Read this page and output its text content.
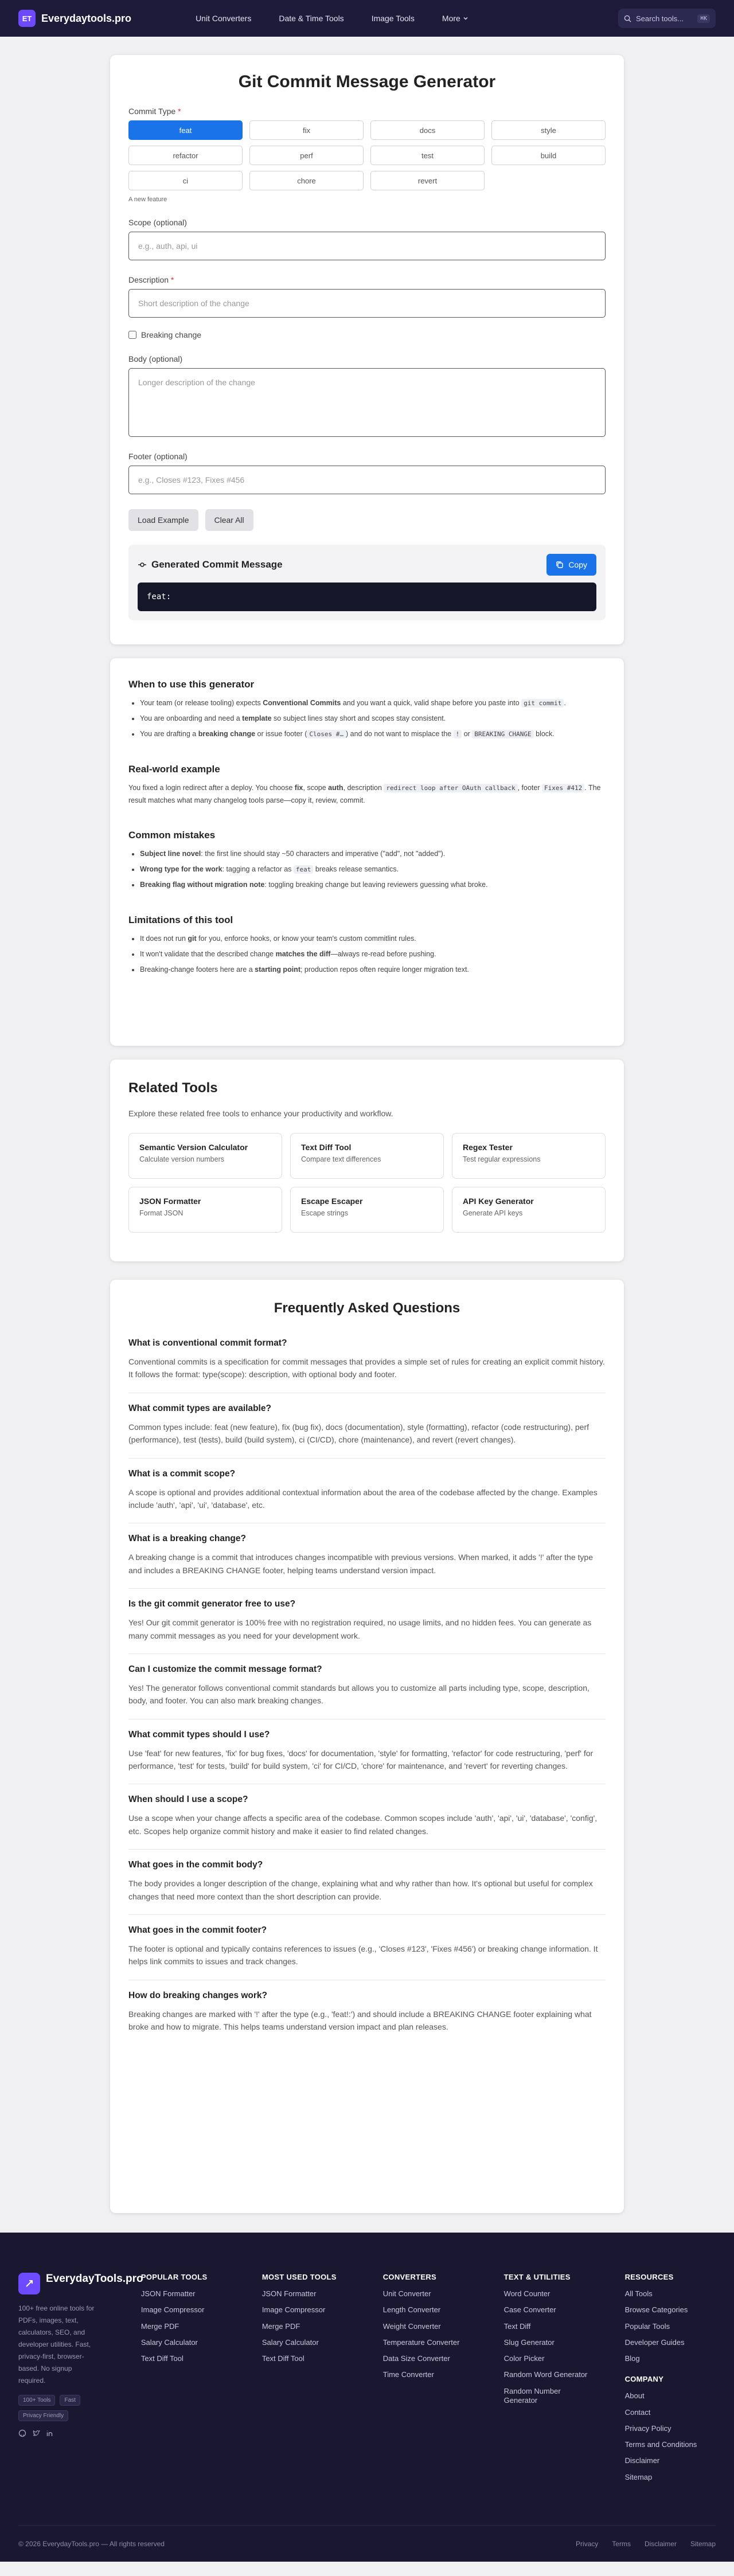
ET Everydaytools.pro	Unit Converters	Date & Time Tools	Image Tools	More	Search tools...	⌘K
Git Commit Message Generator
Commit Type *
feat	fix	docs	style
refactor	perf	test	build
ci	chore	revert
A new feature
Scope (optional)
e.g., auth, api, ui
Description *
Short description of the change
Breaking change
Body (optional)
Longer description of the change
Footer (optional)
e.g., Closes #123, Fixes #456
Load Example	Clear All
Generated Commit Message	Copy
feat:
When to use this generator
• Your team (or release tooling) expects Conventional Commits and you want a quick, valid shape before you paste into git commit .
• You are onboarding and need a template so subject lines stay short and scopes stay consistent.
• You are drafting a breaking change or issue footer ( Closes #… ) and do not want to misplace the ! or BREAKING CHANGE block.
Real-world example

You fixed a login redirect after a deploy. You choose fix, scope auth, description redirect loop after OAuth callback , footer Fixes #412 . The result matches what many changelog tools parse—copy it, review, commit.

Common mistakes
• Subject line novel: the first line should stay ~50 characters and imperative ("add", not "added").
• Wrong type for the work: tagging a refactor as feat breaks release semantics.
• Breaking flag without migration note: toggling breaking change but leaving reviewers guessing what broke.
Limitations of this tool
• It does not run git for you, enforce hooks, or know your team's custom commitlint rules.
• It won't validate that the described change matches the diff—always re-read before pushing.
• Breaking-change footers here are a starting point; production repos often require longer migration text.
Related Tools
Explore these related free tools to enhance your productivity and workflow.
Semantic Version Calculator
Calculate version numbers
Text Diff Tool
Compare text differences
Regex Tester
Test regular expressions
JSON Formatter
Format JSON
Escape Escaper
Escape strings
API Key Generator
Generate API keys
Frequently Asked Questions
What is conventional commit format?
Conventional commits is a specification for commit messages that provides a simple set of rules for creating an explicit commit history. It follows the format: type(scope): description, with optional body and footer.
What commit types are available?
Common types include: feat (new feature), fix (bug fix), docs (documentation), style (formatting), refactor (code restructuring), perf (performance), test (tests), build (build system), ci (CI/CD), chore (maintenance), and revert (revert changes).
What is a commit scope?
A scope is optional and provides additional contextual information about the area of the codebase affected by the change. Examples include 'auth', 'api', 'ui', 'database', etc.
What is a breaking change?
A breaking change is a commit that introduces changes incompatible with previous versions. When marked, it adds '!' after the type and includes a BREAKING CHANGE footer, helping teams understand version impact.
Is the git commit generator free to use?
Yes! Our git commit generator is 100% free with no registration required, no usage limits, and no hidden fees. You can generate as many commit messages as you need for your development work.
Can I customize the commit message format?
Yes! The generator follows conventional commit standards but allows you to customize all parts including type, scope, description, body, and footer. You can also mark breaking changes.
What commit types should I use?
Use 'feat' for new features, 'fix' for bug fixes, 'docs' for documentation, 'style' for formatting, 'refactor' for code restructuring, 'perf' for performance, 'test' for tests, 'build' for build system, 'ci' for CI/CD, 'chore' for maintenance, and 'revert' for reverting changes.
When should I use a scope?
Use a scope when your change affects a specific area of the codebase. Common scopes include 'auth', 'api', 'ui', 'database', 'config', etc. Scopes help organize commit history and make it easier to find related changes.
What goes in the commit body?
The body provides a longer description of the change, explaining what and why rather than how. It's optional but useful for complex changes that need more context than the short description can provide.
What goes in the commit footer?
The footer is optional and typically contains references to issues (e.g., 'Closes #123', 'Fixes #456') or breaking change information. It helps link commits to issues and track changes.
How do breaking changes work?
Breaking changes are marked with '!' after the type (e.g., 'feat!:') and should include a BREAKING CHANGE footer explaining what broke and how to migrate. This helps teams understand version impact and plan releases.
EverydayTools.pro
100+ free online tools for PDFs, images, text, calculators, SEO, and developer utilities. Fast, privacy-first, browser-based. No signup required.
100+ Tools	Fast
Privacy Friendly
POPULAR TOOLS
JSON Formatter
Image Compressor
Merge PDF
Salary Calculator
Text Diff Tool
MOST USED TOOLS
JSON Formatter
Image Compressor
Merge PDF
Salary Calculator
Text Diff Tool
CONVERTERS
Unit Converter
Length Converter
Weight Converter
Temperature Converter
Data Size Converter
Time Converter
TEXT & UTILITIES
Word Counter
Case Converter
Text Diff
Slug Generator
Color Picker
Random Word Generator
Random Number Generator
RESOURCES
All Tools
Browse Categories
Popular Tools
Developer Guides
Blog
COMPANY
About
Contact
Privacy Policy
Terms and Conditions
Disclaimer
Sitemap
© 2026 EverydayTools.pro — All rights reserved	Privacy Terms Disclaimer Sitemap
